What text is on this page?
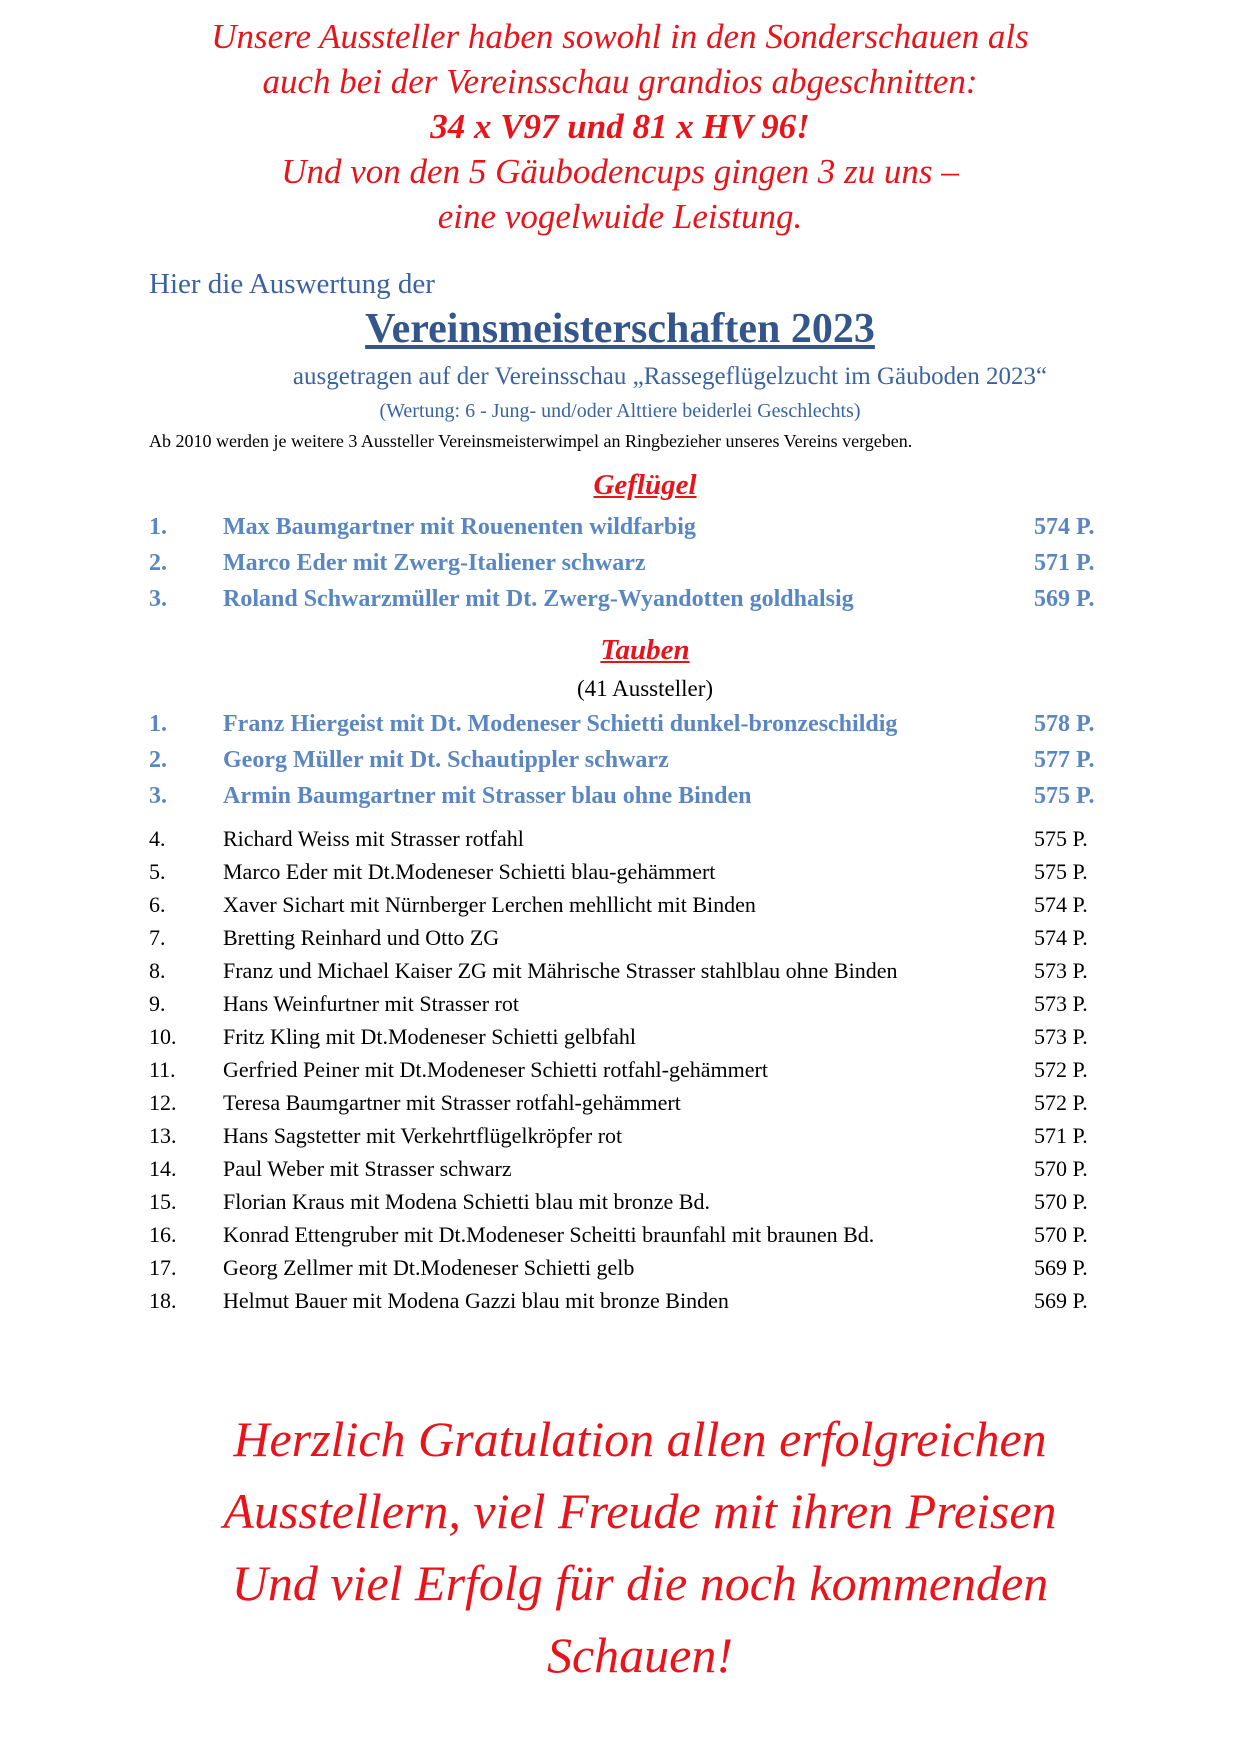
Unsere Aussteller haben sowohl in den Sonderschauen als
auch bei der Vereinsschau grandios abgeschnitten:
34 x V97 und 81 x HV 96!
Und von den 5 Gäubodencups gingen 3 zu uns –
eine vogelwuide Leistung.
Hier die Auswertung der
Vereinsmeisterschaften 2023
ausgetragen auf der Vereinsschau „Rassegeflügelzucht im Gäuboden 2023“
(Wertung: 6 - Jung- und/oder Alttiere beiderlei Geschlechts)
Ab 2010 werden je weitere 3 Aussteller Vereinsmeisterwimpel an Ringbezieher unseres Vereins vergeben.
Geflügel
1. Max Baumgartner mit Rouenenten wildfarbig	574 P.
2. Marco Eder mit Zwerg-Italiener schwarz	571 P.
3. Roland Schwarzmüller mit Dt. Zwerg-Wyandotten goldhalsig	569 P.
Tauben
(41 Aussteller)
1. Franz Hiergeist mit Dt. Modeneser Schietti dunkel-bronzeschildig	578 P.
2. Georg Müller mit Dt. Schautippler schwarz	577 P.
3. Armin Baumgartner mit Strasser blau ohne Binden	575 P.
4.	Richard Weiss mit Strasser rotfahl	575 P.
5.	Marco Eder mit Dt.Modeneser Schietti blau-gehämmert	575 P.
6.	Xaver Sichart mit Nürnberger Lerchen mehllicht mit Binden	574 P.
7.	Bretting Reinhard und Otto ZG	574 P.
8.	Franz und Michael Kaiser ZG mit Mährische Strasser stahlblau ohne Binden	573 P.
9.	Hans Weinfurtner mit Strasser rot	573 P.
10. Fritz Kling mit Dt.Modeneser Schietti gelbfahl	573 P.
11. Gerfried Peiner mit Dt.Modeneser Schietti rotfahl-gehämmert	572 P.
12. Teresa Baumgartner mit Strasser rotfahl-gehämmert	572 P.
13. Hans Sagstetter mit Verkehrtflügelkröpfer rot	571 P.
14. Paul Weber mit Strasser schwarz	570 P.
15. Florian Kraus mit Modena Schietti blau mit bronze Bd.	570 P.
16. Konrad Ettengruber mit Dt.Modeneser Scheitti braunfahl mit braunen Bd.	570 P.
17. Georg Zellmer mit Dt.Modeneser Schietti gelb	569 P.
18. Helmut Bauer mit Modena Gazzi blau mit bronze Binden	569 P.
Herzlich Gratulation allen erfolgreichen
Ausstellern, viel Freude mit ihren Preisen
Und viel Erfolg für die noch kommenden
Schauen!
